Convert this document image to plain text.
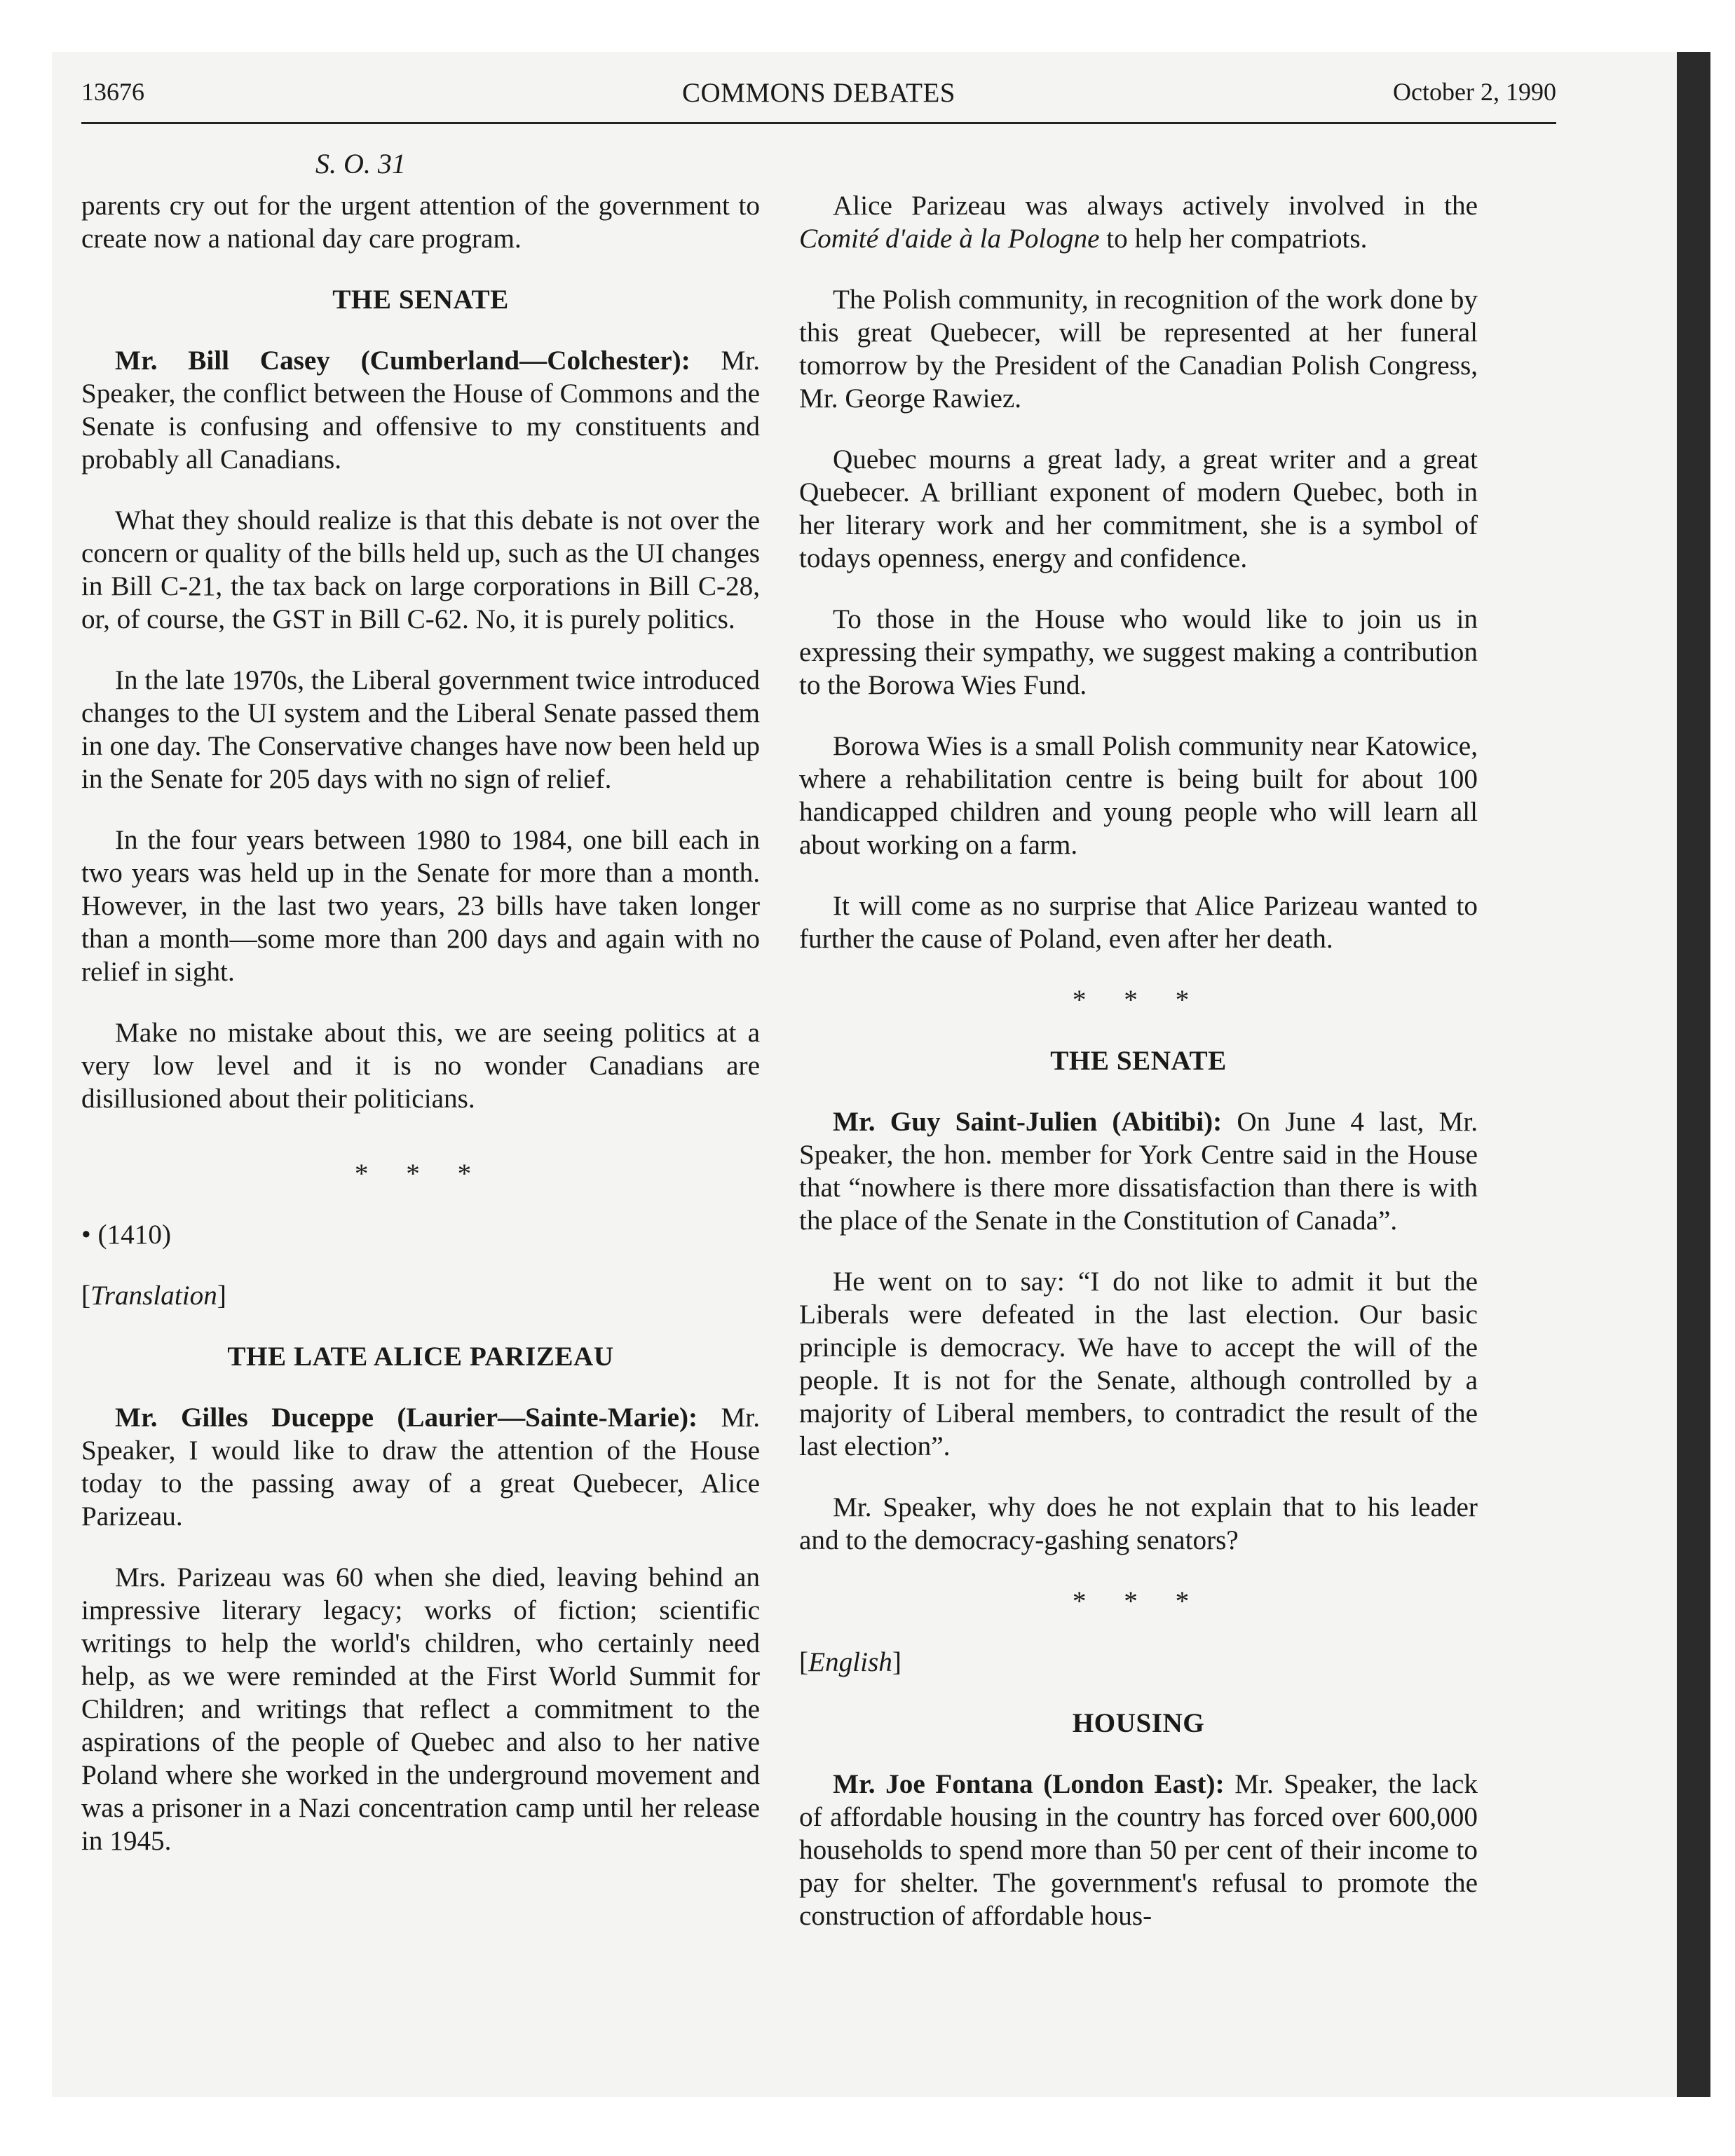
13676	COMMONS DEBATES	October 2, 1990
S. O. 31

parents cry out for the urgent attention of the government to create now a national day care program.

THE SENATE

Mr. Bill Casey (Cumberland—Colchester): Mr. Speaker, the conflict between the House of Commons and the Senate is confusing and offensive to my constituents and probably all Canadians.

What they should realize is that this debate is not over the concern or quality of the bills held up, such as the UI changes in Bill C-21, the tax back on large corporations in Bill C-28, or, of course, the GST in Bill C-62. No, it is purely politics.

In the late 1970s, the Liberal government twice introduced changes to the UI system and the Liberal Senate passed them in one day. The Conservative changes have now been held up in the Senate for 205 days with no sign of relief.

In the four years between 1980 to 1984, one bill each in two years was held up in the Senate for more than a month. However, in the last two years, 23 bills have taken longer than a month—some more than 200 days and again with no relief in sight.

Make no mistake about this, we are seeing politics at a very low level and it is no wonder Canadians are disillusioned about their politicians.

* * *
• (1410)
[Translation]
THE LATE ALICE PARIZEAU

Mr. Gilles Duceppe (Laurier—Sainte-Marie): Mr. Speaker, I would like to draw the attention of the House today to the passing away of a great Quebecer, Alice Parizeau.

Mrs. Parizeau was 60 when she died, leaving behind an impressive literary legacy; works of fiction; scientific writings to help the world's children, who certainly need help, as we were reminded at the First World Summit for Children; and writings that reflect a commitment to the aspirations of the people of Quebec and also to her native Poland where she worked in the underground movement and was a prisoner in a Nazi concentration camp until her release in 1945.

Alice Parizeau was always actively involved in the Comité d'aide à la Pologne to help her compatriots.

The Polish community, in recognition of the work done by this great Quebecer, will be represented at her funeral tomorrow by the President of the Canadian Polish Congress, Mr. George Rawiez.

Quebec mourns a great lady, a great writer and a great Quebecer. A brilliant exponent of modern Quebec, both in her literary work and her commitment, she is a symbol of todays openness, energy and confidence.

To those in the House who would like to join us in expressing their sympathy, we suggest making a contribution to the Borowa Wies Fund.

Borowa Wies is a small Polish community near Katowice, where a rehabilitation centre is being built for about 100 handicapped children and young people who will learn all about working on a farm.

It will come as no surprise that Alice Parizeau wanted to further the cause of Poland, even after her death.

* * *
THE SENATE

Mr. Guy Saint-Julien (Abitibi): On June 4 last, Mr. Speaker, the hon. member for York Centre said in the House that “nowhere is there more dissatisfaction than there is with the place of the Senate in the Constitution of Canada”.

He went on to say: “I do not like to admit it but the Liberals were defeated in the last election. Our basic principle is democracy. We have to accept the will of the people. It is not for the Senate, although controlled by a majority of Liberal members, to contradict the result of the last election”.

Mr. Speaker, why does he not explain that to his leader and to the democracy-gashing senators?

* * *
[English]
HOUSING

Mr. Joe Fontana (London East): Mr. Speaker, the lack of affordable housing in the country has forced over 600,000 households to spend more than 50 per cent of their income to pay for shelter. The government's refusal to promote the construction of affordable hous-
